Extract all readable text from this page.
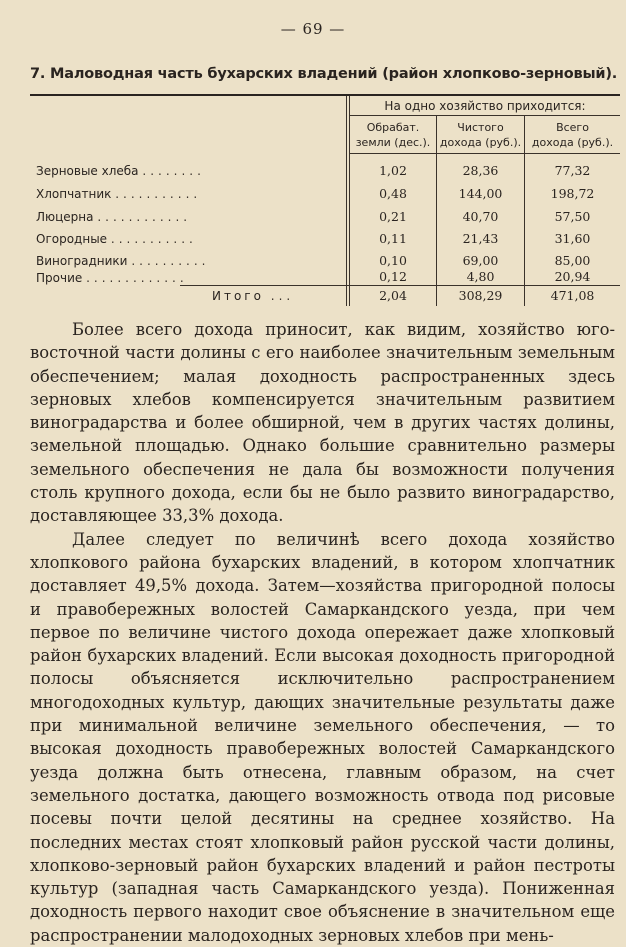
— 69 —
7. Маловодная часть бухарских владений (район хлопково-зерновый).
На одно хозяйство приходится:
Обрабат.
земли (дес.).
Чистого
дохода (руб.).
Всего
дохода (руб.).
Зерновые хлеба ........	1,02	28,36	77,32
Хлопчатник ...........	0,48	144,00	198,72
Люцерна ............	0,21	40,70	57,50
Огородные ...........	0,11	21,43	31,60
Виноградники ..........	0,10	69,00	85,00
Прочие .............	0,12	4,80	20,94
Итого ...	2,04	308,29	471,08

Более всего дохода приносит, как видим, хозяйство юго-восточной части долины с его наиболее значительным земельным обеспечением; малая доходность распространенных здесь зерновых хлебов компенсируется значительным развитием виноградарства и более обширной, чем в других частях долины, земельной площадью. Однако большие сравнительно размеры земельного обеспечения не дала бы возможности получения столь крупного дохода, если бы не было развито виноградарство, доставляющее 33,3% дохода.

Далее следует по величинѣ всего дохода хозяйство хлопкового района бухарских владений, в котором хлопчатник доставляет 49,5% дохода. Затем—хозяйства пригородной полосы и правобережных волостей Самаркандского уезда, при чем первое по величине чистого дохода опережает даже хлопковый район бухарских владений. Если высокая доходность пригородной полосы объясняется исключительно распространением многодоходных культур, дающих значительные результаты даже при минимальной величине земельного обеспечения, — то высокая доходность правобережных волостей Самаркандского уезда должна быть отнесена, главным образом, на счет земельного достатка, дающего возможность отвода под рисовые посевы почти целой десятины на среднее хозяйство. На последних местах стоят хлопковый район русской части долины, хлопково-зерновый район бухарских владений и район пестроты культур (западная часть Самаркандского уезда). Пониженная доходность первого находит свое объяснение в значительном еще распространении малодоходных зерновых хлебов при мень-
